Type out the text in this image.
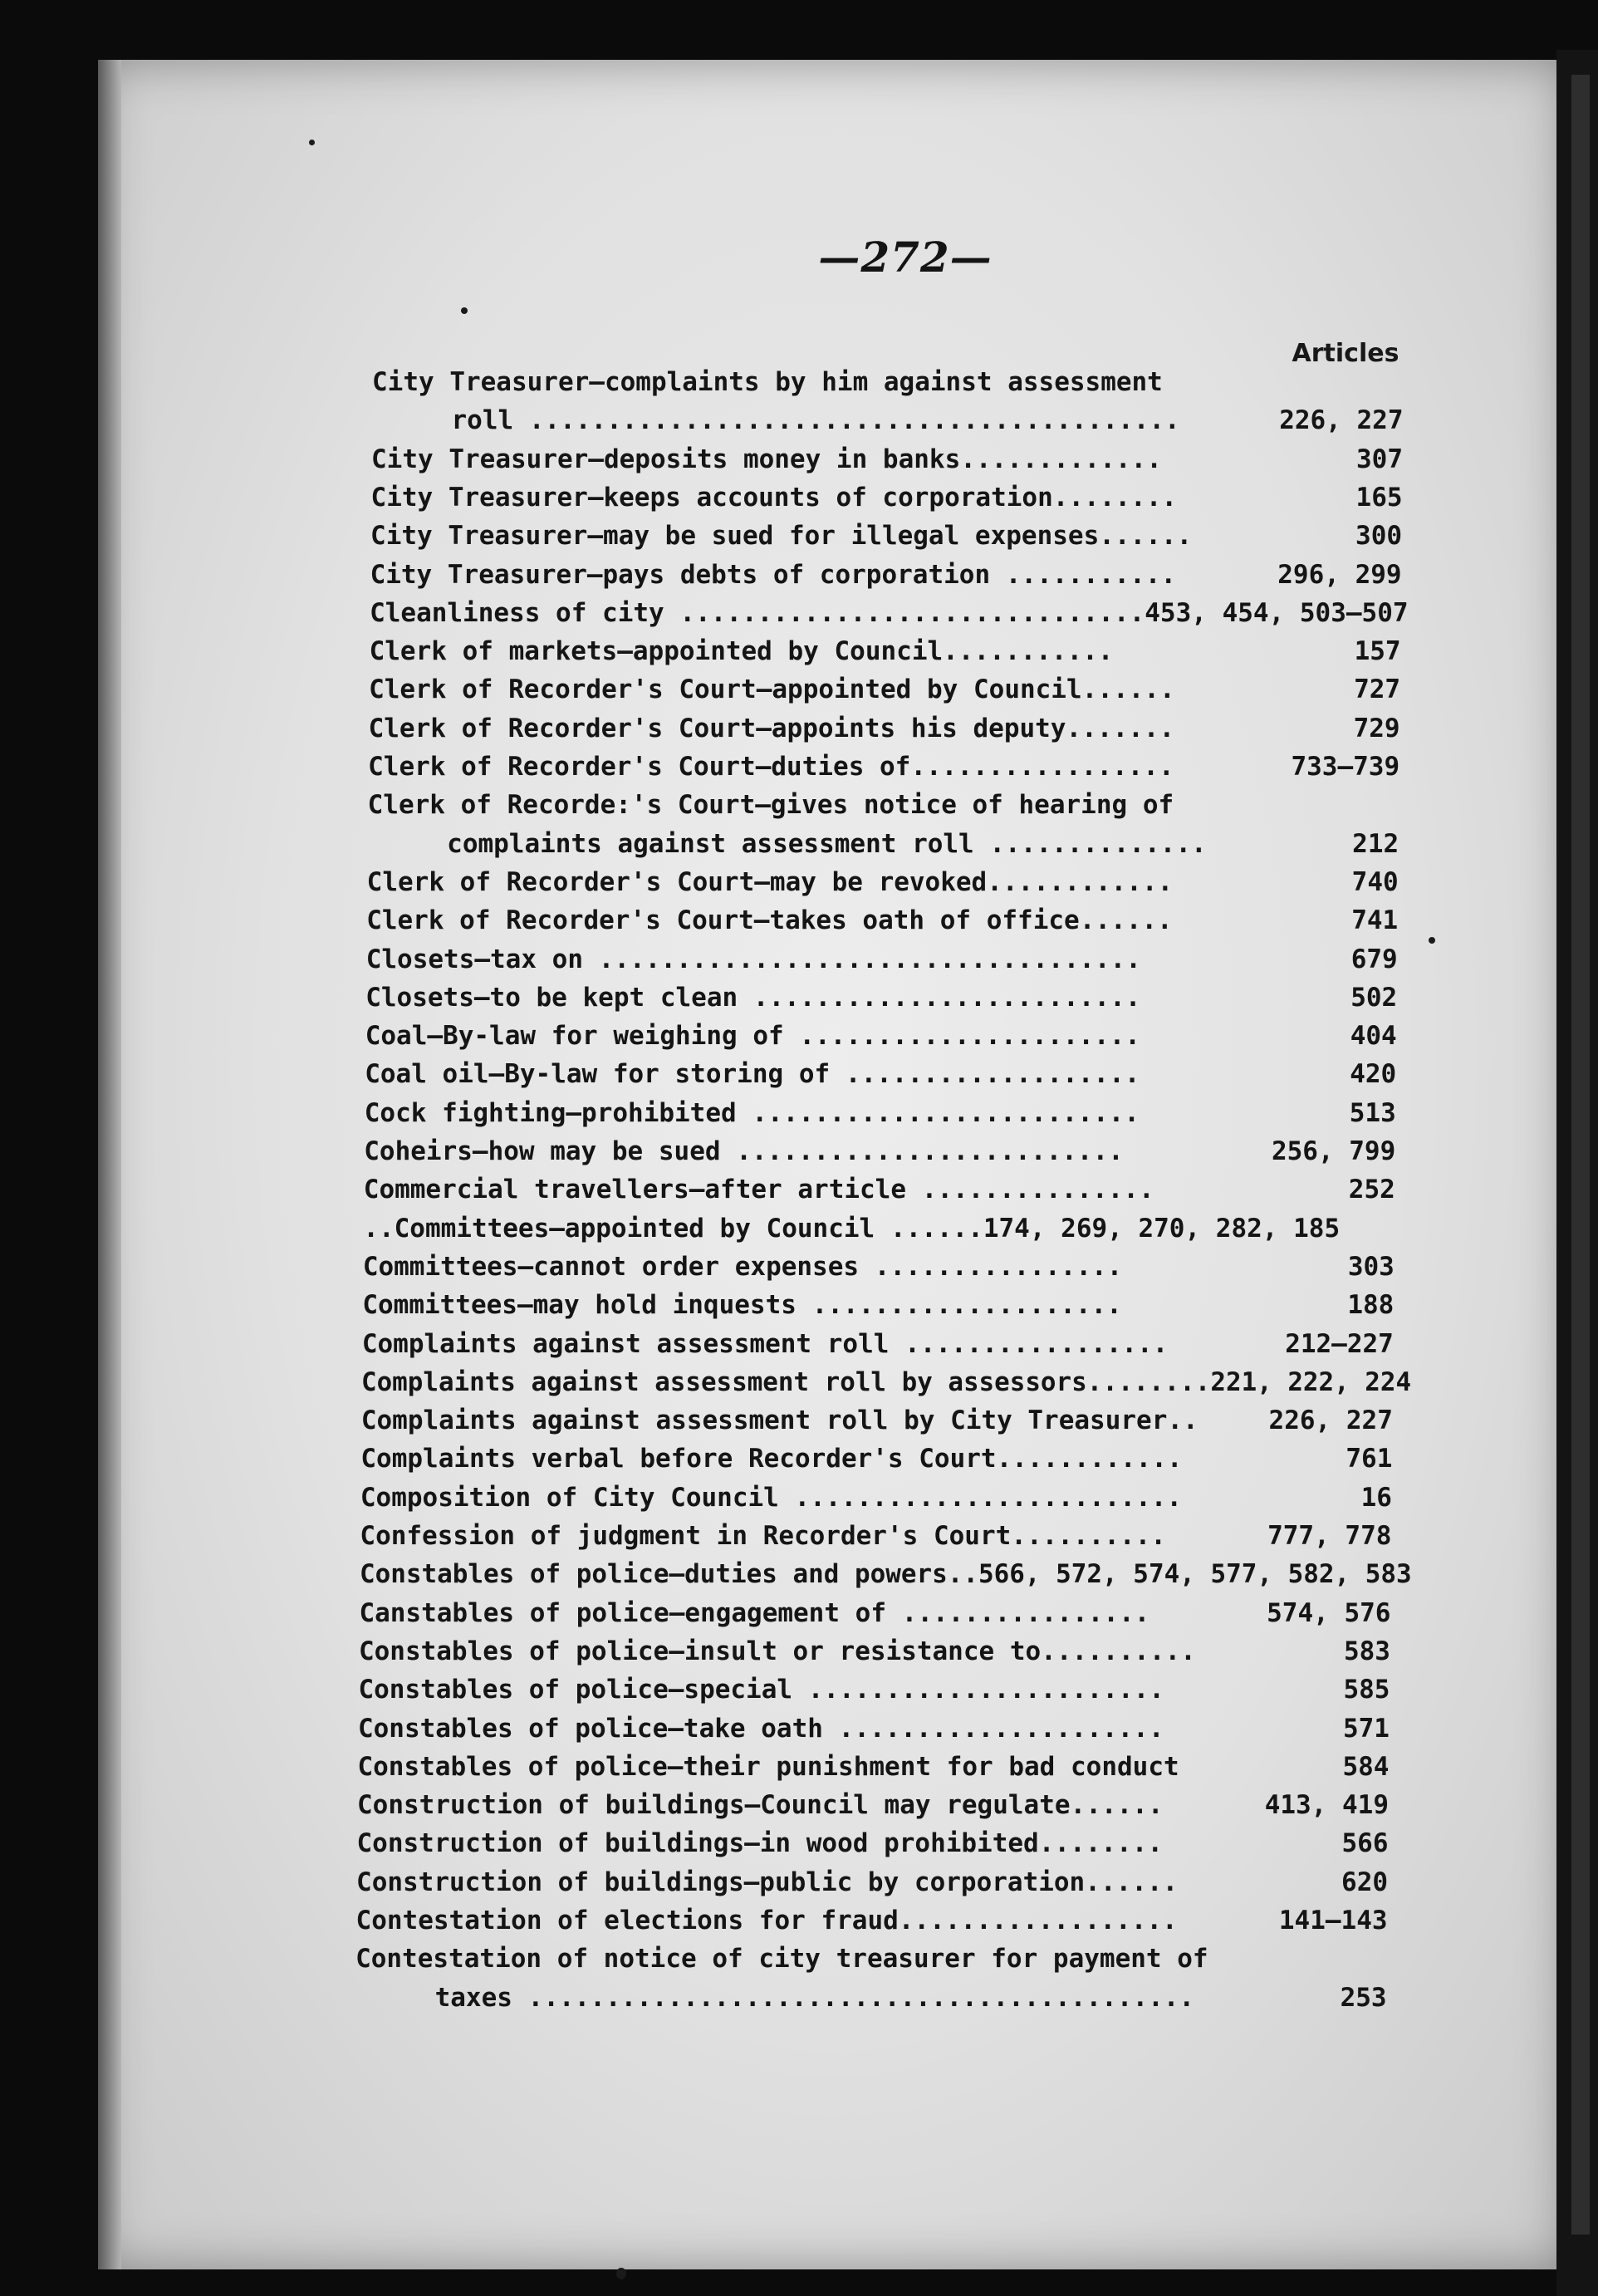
—272—
Articles
City Treasurer—complaints by him against assessment
roll ..........................................	226, 227
City Treasurer—deposits money in banks.............	307
City Treasurer—keeps accounts of corporation........	165
City Treasurer—may be sued for illegal expenses......	300
City Treasurer—pays debts of corporation ...........	296, 299
Cleanliness of city ..............................453, 454, 503–507
Clerk of markets—appointed by Council...........	157
Clerk of Recorder's Court—appointed by Council......	727
Clerk of Recorder's Court—appoints his deputy.......	729
Clerk of Recorder's Court—duties of.................	733–739
Clerk of Recorde:'s Court—gives notice of hearing of
complaints against assessment roll ..............	212
Clerk of Recorder's Court—may be revoked............	740
Clerk of Recorder's Court—takes oath of office......	741
Closets—tax on ...................................	679
Closets—to be kept clean .........................	502
Coal—By-law for weighing of ......................	404
Coal oil—By-law for storing of ...................	420
Cock fighting—prohibited .........................	513
Coheirs—how may be sued .........................	256, 799
Commercial travellers—after article ...............	252
..Committees—appointed by Council ......174, 269, 270, 282, 185
Committees—cannot order expenses ................	303
Committees—may hold inquests ....................	188
Complaints against assessment roll .................	212–227
Complaints against assessment roll by assessors........221, 222, 224
Complaints against assessment roll by City Treasurer..	226, 227
Complaints verbal before Recorder's Court............	761
Composition of City Council .........................	16
Confession of judgment in Recorder's Court..........	777, 778
Constables of police—duties and powers..566, 572, 574, 577, 582, 583
Canstables of police—engagement of ................	574, 576
Constables of police—insult or resistance to..........	583
Constables of police—special .......................	585
Constables of police—take oath .....................	571
Constables of police—their punishment for bad conduct	584
Construction of buildings—Council may regulate......	413, 419
Construction of buildings—in wood prohibited........	566
Construction of buildings—public by corporation......	620
Contestation of elections for fraud..................	141–143
Contestation of notice of city treasurer for payment of
taxes ...........................................	253
